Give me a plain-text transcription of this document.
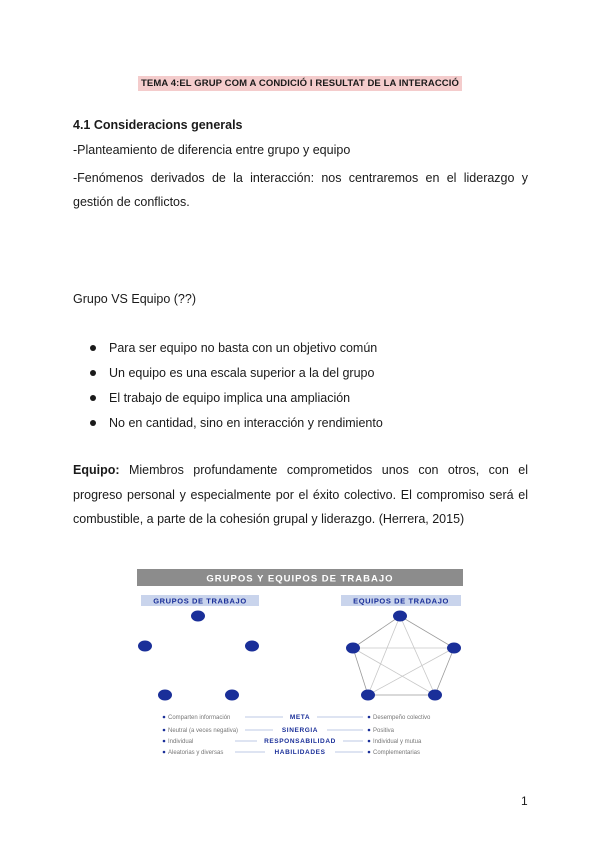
TEMA 4:EL GRUP COM A CONDICIÓ I RESULTAT DE LA INTERACCIÓ
4.1 Consideracions generals
-Planteamiento de diferencia entre grupo y equipo
-Fenómenos derivados de la interacción: nos centraremos en el liderazgo y gestión de conflictos.
Grupo VS Equipo (??)
Para ser equipo no basta con un objetivo común
Un equipo es una escala superior a la del grupo
El trabajo de equipo implica una ampliación
No en cantidad, sino en interacción y rendimiento
Equipo: Miembros profundamente comprometidos unos con otros, con el progreso personal y especialmente por el éxito colectivo. El compromiso será el combustible, a parte de la cohesión grupal y liderazgo. (Herrera, 2015)
GRUPOS Y EQUIPOS DE TRABAJO
GRUPOS DE TRABAJO	EQUIPOS DE TRADAJO
Comparten información	META	Desempeño colectivo
Neutral (a veces negativa)	SINERGIA	Positiva
Individual	RESPONSABILIDAD	Individual y mutua
Aleatorias y diversas	HABILIDADES	Complementarias
1
